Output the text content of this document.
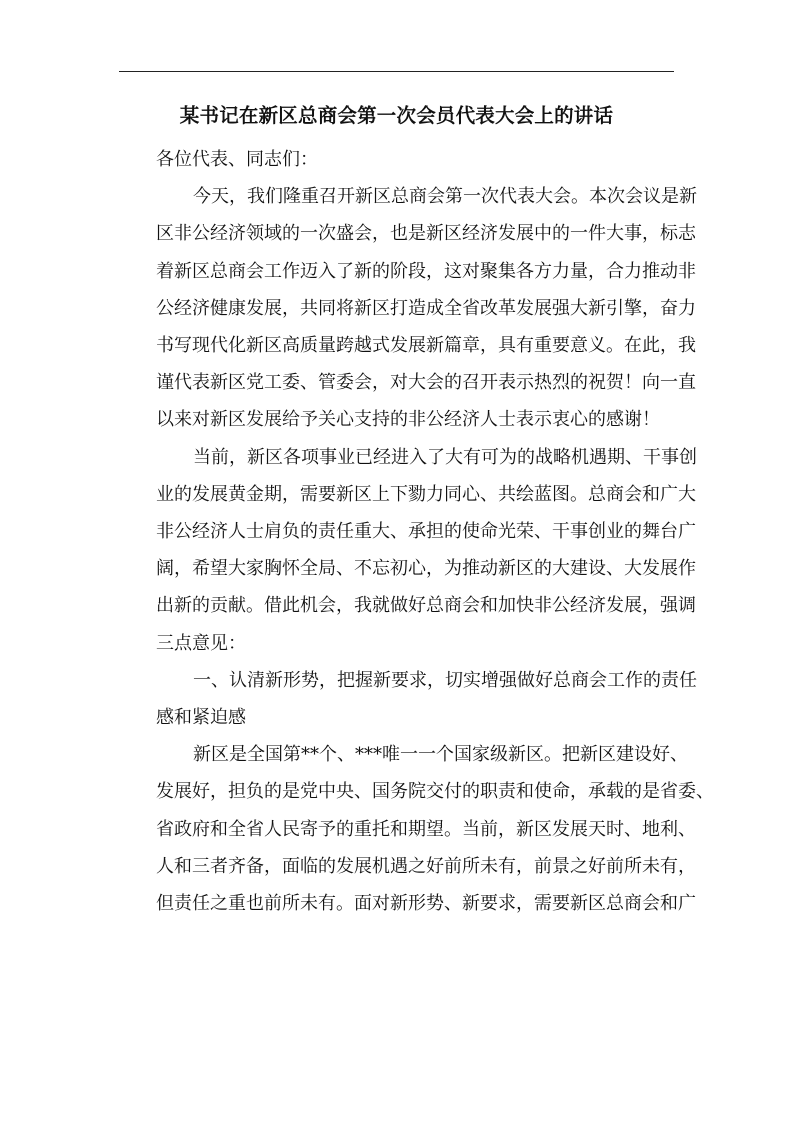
某书记在新区总商会第一次会员代表大会上的讲话
各位代表、同志们：
今天，我们隆重召开新区总商会第一次代表大会。本次会议是新
区非公经济领域的一次盛会，也是新区经济发展中的一件大事，标志
着新区总商会工作迈入了新的阶段，这对聚集各方力量，合力推动非
公经济健康发展，共同将新区打造成全省改革发展强大新引擎，奋力
书写现代化新区高质量跨越式发展新篇章，具有重要意义。在此，我
谨代表新区党工委、管委会，对大会的召开表示热烈的祝贺！向一直
以来对新区发展给予关心支持的非公经济人士表示衷心的感谢！
当前，新区各项事业已经进入了大有可为的战略机遇期、干事创
业的发展黄金期，需要新区上下勠力同心、共绘蓝图。总商会和广大
非公经济人士肩负的责任重大、承担的使命光荣、干事创业的舞台广
阔，希望大家胸怀全局、不忘初心，为推动新区的大建设、大发展作
出新的贡献。借此机会，我就做好总商会和加快非公经济发展，强调
三点意见：
一、认清新形势，把握新要求，切实增强做好总商会工作的责任
感和紧迫感
新区是全国第**个、***唯一一个国家级新区。把新区建设好、
发展好，担负的是党中央、国务院交付的职责和使命，承载的是省委、
省政府和全省人民寄予的重托和期望。当前，新区发展天时、地利、
人和三者齐备，面临的发展机遇之好前所未有，前景之好前所未有，
但责任之重也前所未有。面对新形势、新要求，需要新区总商会和广
